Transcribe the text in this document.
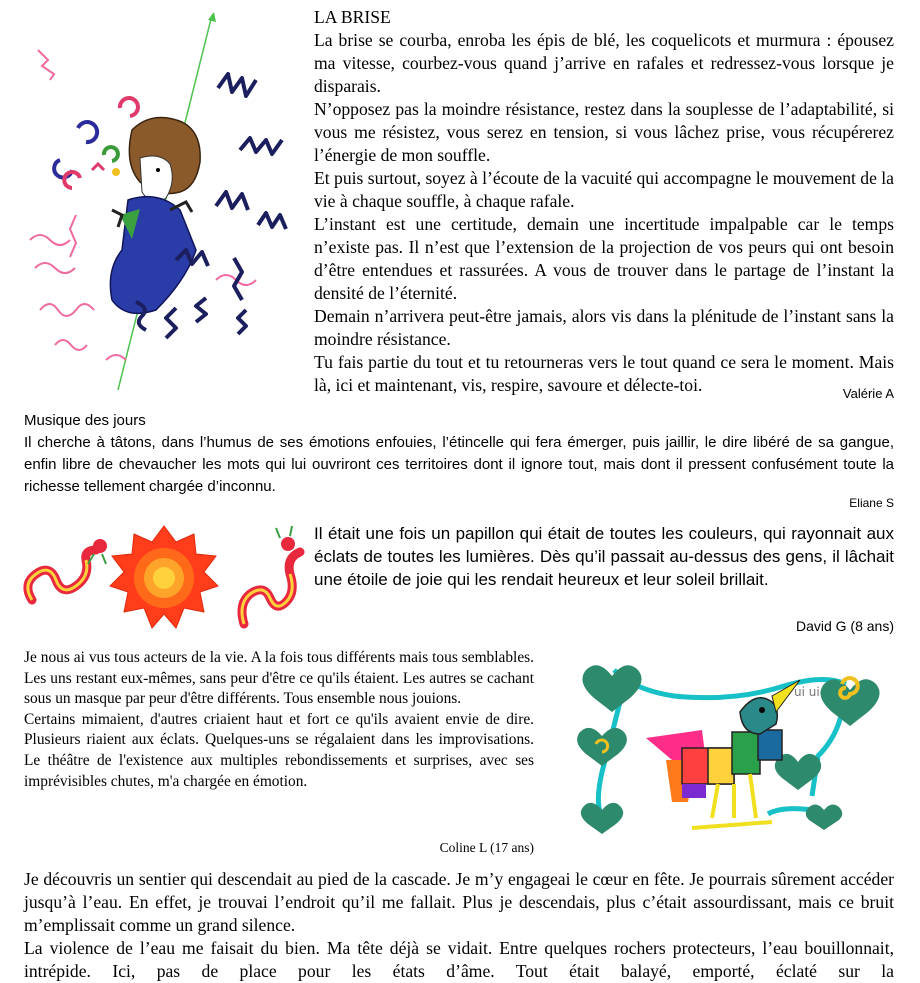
LA BRISE

La brise se courba, enroba les épis de blé, les coquelicots et murmura : épousez ma vitesse, courbez-vous quand j’arrive en rafales et redressez-vous lorsque je disparais.

N’opposez pas la moindre résistance, restez dans la souplesse de l’adaptabilité, si vous me résistez, vous serez en tension, si vous lâchez prise, vous récupérerez l’énergie de mon souffle.

Et puis surtout, soyez à l’écoute de la vacuité qui accompagne le mouvement de la vie à chaque souffle, à chaque rafale.

L’instant est une certitude, demain une incertitude impalpable car le temps n’existe pas. Il n’est que l’extension de la projection de vos peurs qui ont besoin d’être entendues et rassurées. A vous de trouver dans le partage de l’instant la densité de l’éternité.

Demain n’arrivera peut-être jamais, alors vis dans la plénitude de l’instant sans la moindre résistance.

Tu fais partie du tout et tu retourneras vers le tout quand ce sera le moment. Mais là, ici et maintenant, vis, respire, savoure et délecte-toi.	Valérie A
Musique des jours

Il cherche à tâtons, dans l’humus de ses émotions enfouies, l’étincelle qui fera émerger, puis jaillir, le dire libéré de sa gangue, enfin libre de chevaucher les mots qui lui ouvriront ces territoires dont il ignore tout, mais dont il pressent confusément toute la richesse tellement chargée d’inconnu.

Eliane S

Il était une fois un papillon qui était de toutes les couleurs, qui rayonnait aux éclats de toutes les lumières. Dès qu’il passait au-dessus des gens, il lâchait une étoile de joie qui les rendait heureux et leur soleil brillait.

David G (8 ans)

Je nous ai vus tous acteurs de la vie. A la fois tous différents mais tous semblables. Les uns restant eux-mêmes, sans peur d'être ce qu'ils étaient. Les autres se cachant sous un masque par peur d'être différents. Tous ensemble nous jouions.

Certains mimaient, d'autres criaient haut et fort ce qu'ils avaient envie de dire. Plusieurs riaient aux éclats. Quelques-uns se régalaient dans les improvisations. Le théâtre de l'existence aux multiples rebondissements et surprises, avec ses imprévisibles chutes, m'a chargée en émotion.

Coline L (17 ans)
ui ui

Je découvris un sentier qui descendait au pied de la cascade. Je m’y engageai le cœur en fête. Je pourrais sûrement accéder jusqu’à l’eau. En effet, je trouvai l’endroit qu’il me fallait. Plus je descendais, plus c’était assourdissant, mais ce bruit m’emplissait comme un grand silence.

La violence de l’eau me faisait du bien. Ma tête déjà se vidait. Entre quelques rochers protecteurs, l’eau bouillonnait, intrépide. Ici, pas de place pour les états d’âme. Tout était balayé, emporté, éclaté sur la
